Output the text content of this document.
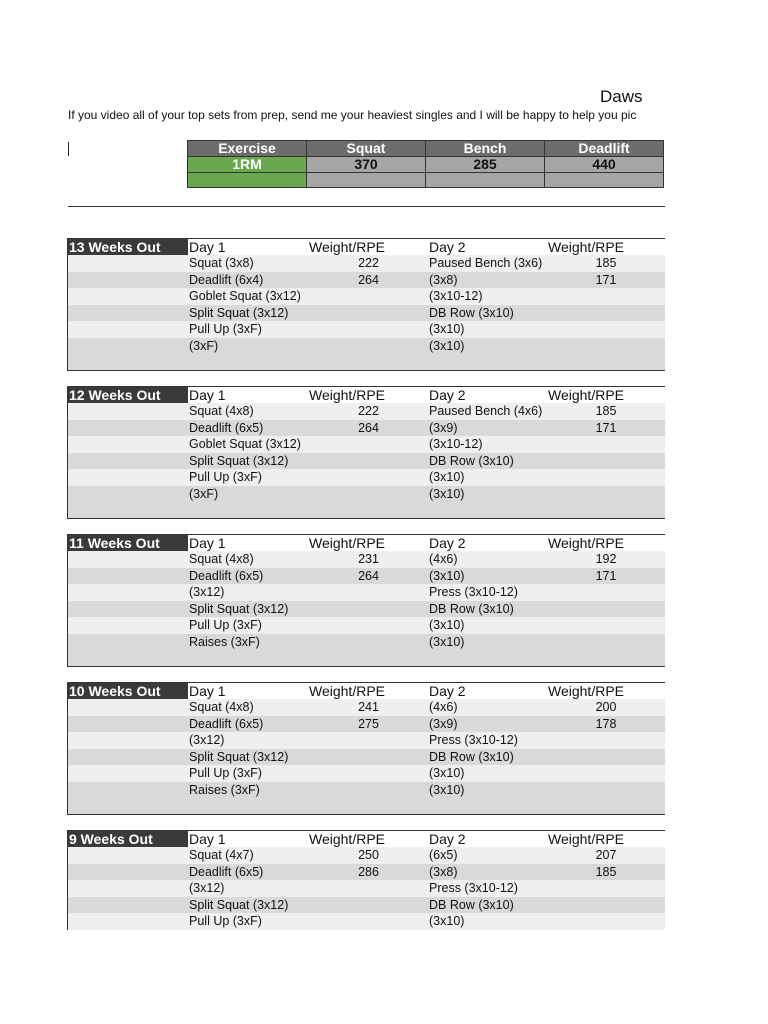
Daws
If you video all of your top sets from prep, send me your heaviest singles and I will be happy to help you pic
Exercise	Squat	Bench	Deadlift
1RM	370	285	440

13 Weeks Out	Day 1	Weight/RPE	Day 2	Weight/RPE
Squat (3x8)	222	Paused Bench (3x6)	185
Deadlift (6x4)	264	(3x8)	171
Goblet Squat (3x12)	(3x10-12)
Split Squat (3x12)	DB Row (3x10)
Pull Up (3xF)	(3x10)
(3xF)	(3x10)
12 Weeks Out	Day 1	Weight/RPE	Day 2	Weight/RPE
Squat (4x8)	222	Paused Bench (4x6)	185
Deadlift (6x5)	264	(3x9)	171
Goblet Squat (3x12)	(3x10-12)
Split Squat (3x12)	DB Row (3x10)
Pull Up (3xF)	(3x10)
(3xF)	(3x10)
11 Weeks Out	Day 1	Weight/RPE	Day 2	Weight/RPE
Squat (4x8)	231	(4x6)	192
Deadlift (6x5)	264	(3x10)	171
(3x12)	Press (3x10-12)
Split Squat (3x12)	DB Row (3x10)
Pull Up (3xF)	(3x10)
Raises (3xF)	(3x10)
10 Weeks Out	Day 1	Weight/RPE	Day 2	Weight/RPE
Squat (4x8)	241	(4x6)	200
Deadlift (6x5)	275	(3x9)	178
(3x12)	Press (3x10-12)
Split Squat (3x12)	DB Row (3x10)
Pull Up (3xF)	(3x10)
Raises (3xF)	(3x10)
9 Weeks Out	Day 1	Weight/RPE	Day 2	Weight/RPE
Squat (4x7)	250	(6x5)	207
Deadlift (6x5)	286	(3x8)	185
(3x12)	Press (3x10-12)
Split Squat (3x12)	DB Row (3x10)
Pull Up (3xF)	(3x10)
